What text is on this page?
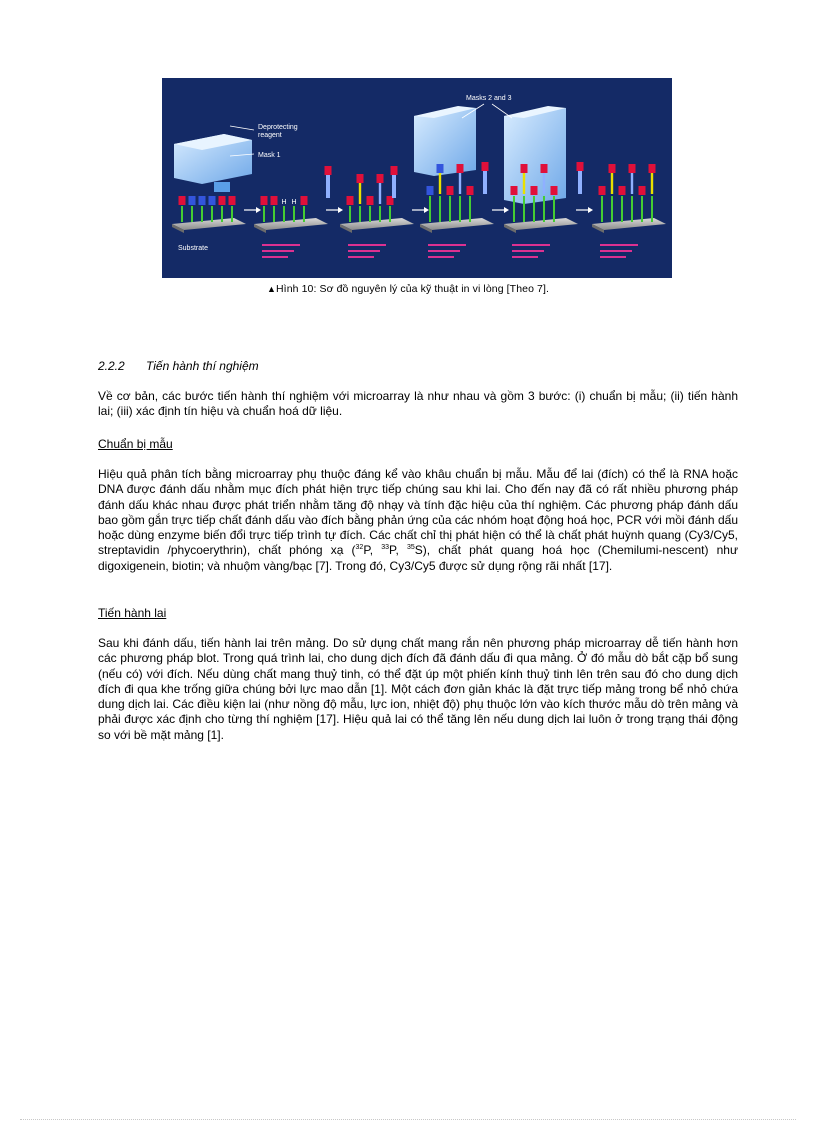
Deprotecting
reagent
Mask 1
Masks 2 and 3
H H
Substrate
▲Hình 10: Sơ đồ nguyên lý của kỹ thuật in vi lòng [Theo 7].
2.2.2 Tiến hành thí nghiệm

Về cơ bản, các bước tiến hành thí nghiệm với microarray là như nhau và gồm 3 bước: (i) chuẩn bị mẫu; (ii) tiến hành lai; (iii) xác định tín hiệu và chuẩn hoá dữ liệu.

Chuẩn bị mẫu

Hiệu quả phân tích bằng microarray phụ thuộc đáng kể vào khâu chuẩn bị mẫu. Mẫu để lai (đích) có thể là RNA hoặc DNA được đánh dấu nhằm mục đích phát hiện trực tiếp chúng sau khi lai. Cho đến nay đã có rất nhiều phương pháp đánh dấu khác nhau được phát triển nhằm tăng độ nhạy và tính đặc hiệu của thí nghiệm. Các phương pháp đánh dấu bao gồm gắn trực tiếp chất đánh dấu vào đích bằng phản ứng của các nhóm hoạt động hoá học, PCR với mồi đánh dấu hoặc dùng enzyme biến đổi trực tiếp trình tự đích. Các chất chỉ thị phát hiện có thể là chất phát huỳnh quang (Cy3/Cy5, streptavidin /phycoerythrin), chất phóng xạ ($^{32}$P, $^{33}$P, $^{35}$S), chất phát quang hoá học (Chemilumi-nescent) như digoxigenein, biotin; và nhuộm vàng/bạc [7]. Trong đó, Cy3/Cy5 được sử dụng rộng rãi nhất [17].

Tiến hành lai

Sau khi đánh dấu, tiến hành lai trên mảng. Do sử dụng chất mang rắn nên phương pháp microarray dễ tiến hành hơn các phương pháp blot. Trong quá trình lai, cho dung dịch đích đã đánh dấu đi qua mảng. Ở đó mẫu dò bắt cặp bổ sung (nếu có) với đích. Nếu dùng chất mang thuỷ tinh, có thể đặt úp một phiến kính thuỷ tinh lên trên sau đó cho dung dịch đích đi qua khe trống giữa chúng bởi lực mao dẫn [1]. Một cách đơn giản khác là đặt trực tiếp mảng trong bể nhỏ chứa dung dịch lai. Các điều kiện lai (như nồng độ mẫu, lực ion, nhiệt độ) phụ thuộc lớn vào kích thước mẫu dò trên mảng và phải được xác định cho từng thí nghiệm [17]. Hiệu quả lai có thể tăng lên nếu dung dịch lai luôn ở trong trạng thái động so với bề mặt mảng [1].
